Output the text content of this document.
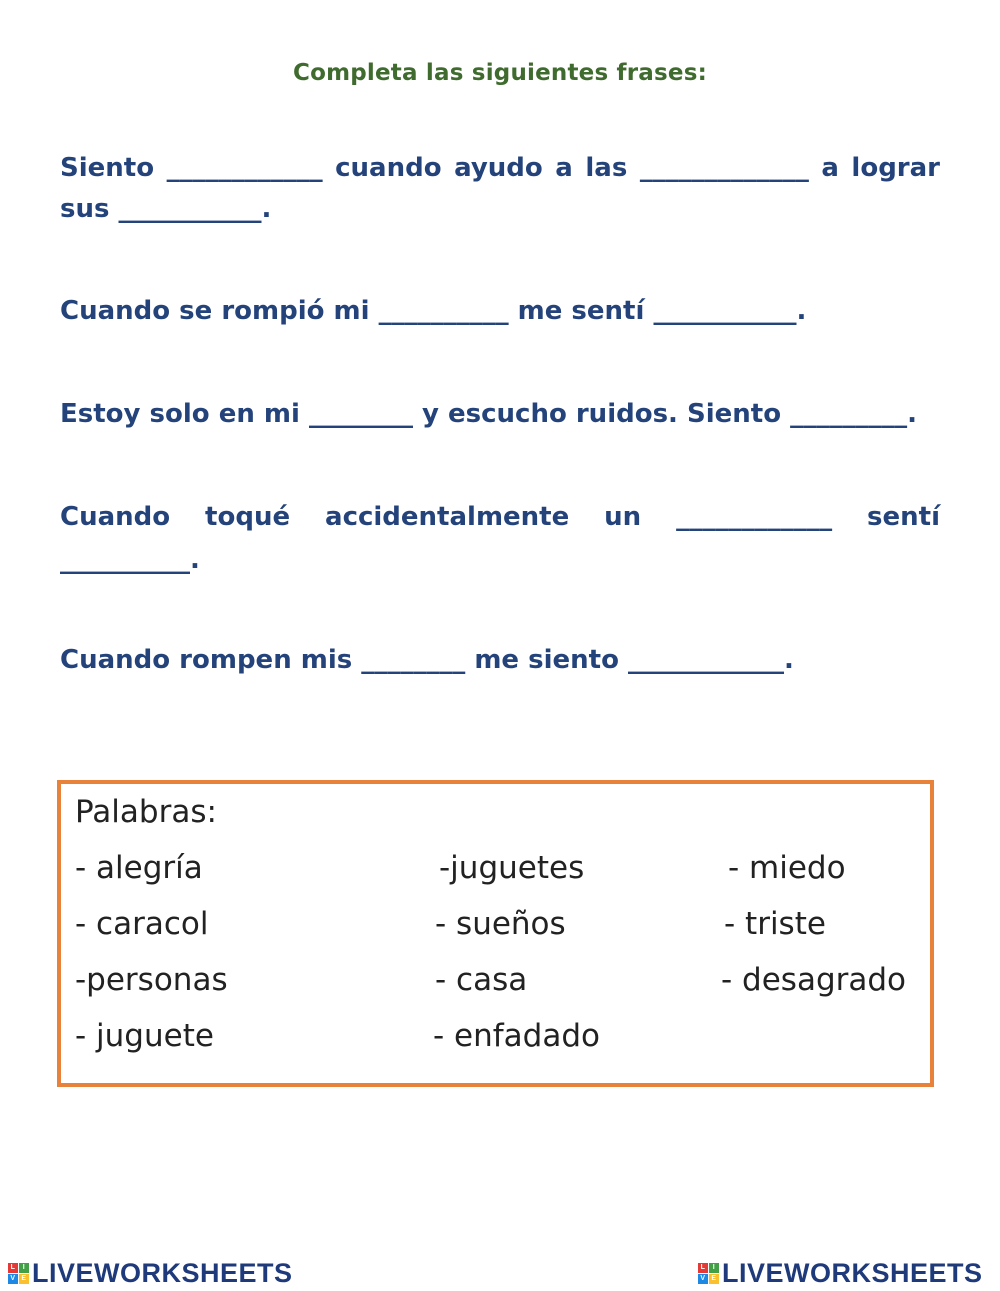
Completa las siguientes frases:

Siento ____________ cuando ayudo a las _____________ a lograr sus ___________.

Cuando se rompió mi __________ me sentí ___________.

Estoy solo en mi ________ y escucho ruidos. Siento _________.

Cuando toqué accidentalmente un ____________ sentí

__________.

Cuando rompen mis ________ me siento ____________.

Palabras:
- alegría
- caracol
-personas
- juguete
-juguetes
- sueños
- casa
- enfadado
- miedo
- triste
- desagrado
L	I
V E LIVEWORKSHEETS	L	I
V E LIVEWORKSHEETS
